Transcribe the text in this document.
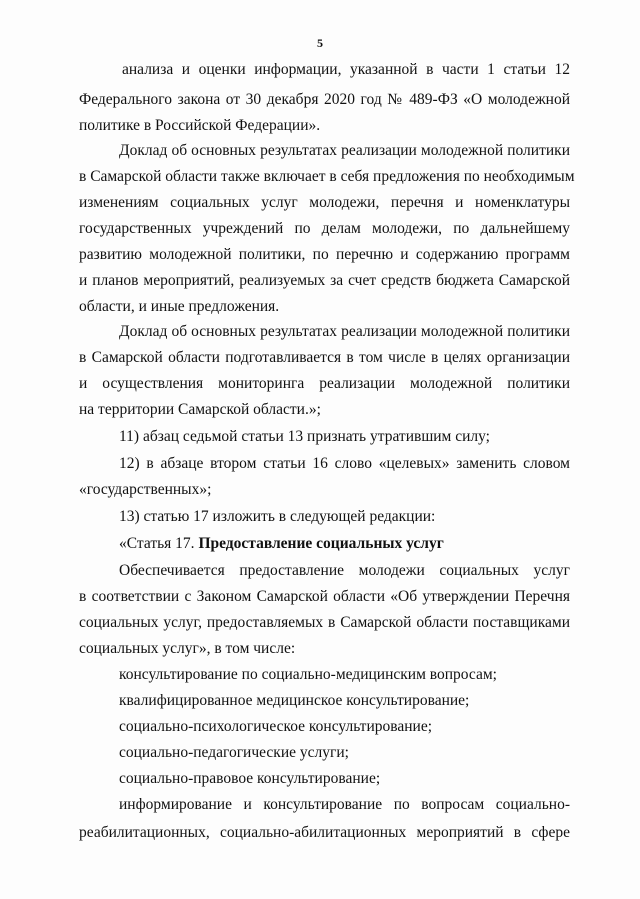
5
анализа и оценки информации, указанной в части 1 статьи 12
Федерального закона от 30 декабря 2020 год № 489-ФЗ «О молодежной
политике в Российской Федерации».
Доклад об основных результатах реализации молодежной политики
в Самарской области также включает в себя предложения по необходимым
изменениям социальных услуг молодежи, перечня и номенклатуры
государственных учреждений по делам молодежи, по дальнейшему
развитию молодежной политики, по перечню и содержанию программ
и планов мероприятий, реализуемых за счет средств бюджета Самарской
области, и иные предложения.
Доклад об основных результатах реализации молодежной политики
в Самарской области подготавливается в том числе в целях организации
и осуществления мониторинга реализации молодежной политики
на территории Самарской области.»;
11) абзац седьмой статьи 13 признать утратившим силу;
12) в абзаце втором статьи 16 слово «целевых» заменить словом
«государственных»;
13) статью 17 изложить в следующей редакции:
«Статья 17. Предоставление социальных услуг
Обеспечивается предоставление молодежи социальных услуг
в соответствии с Законом Самарской области «Об утверждении Перечня
социальных услуг, предоставляемых в Самарской области поставщиками
социальных услуг», в том числе:
консультирование по социально-медицинским вопросам;
квалифицированное медицинское консультирование;
социально-психологическое консультирование;
социально-педагогические услуги;
социально-правовое консультирование;
информирование и консультирование по вопросам социально-
реабилитационных, социально-абилитационных мероприятий в сфере
